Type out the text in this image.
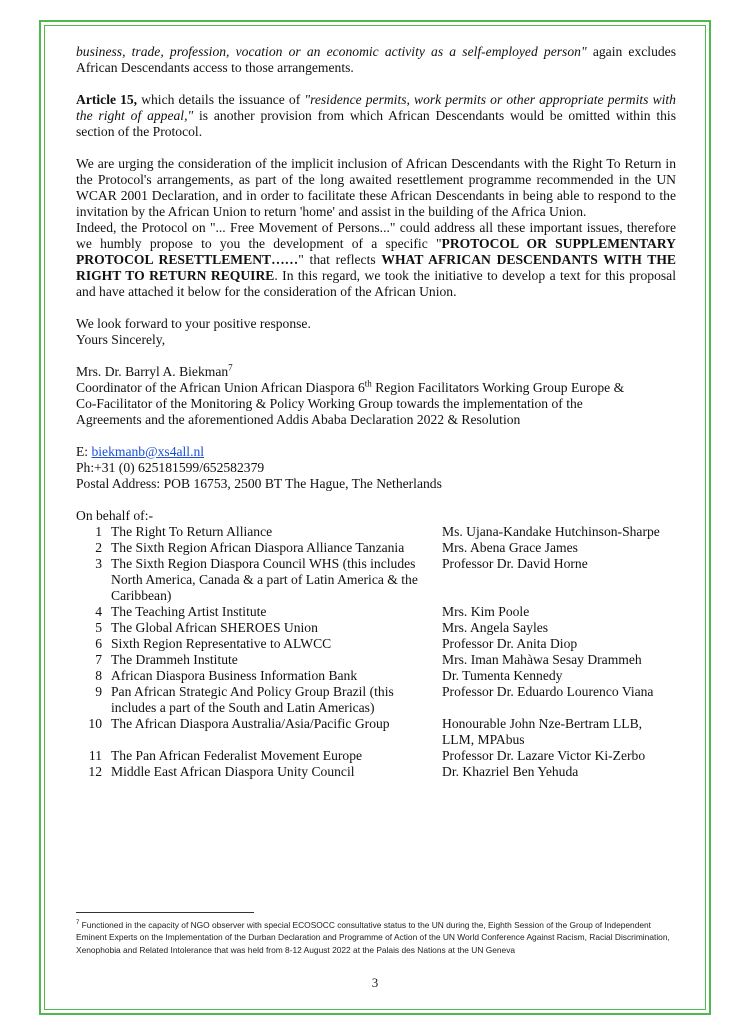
business, trade, profession, vocation or an economic activity as a self-employed person" again excludes African Descendants access to those arrangements.

Article 15, which details the issuance of "residence permits, work permits or other appropriate permits with the right of appeal," is another provision from which African Descendants would be omitted within this section of the Protocol.

We are urging the consideration of the implicit inclusion of African Descendants with the Right To Return in the Protocol's arrangements, as part of the long awaited resettlement programme recommended in the UN WCAR 2001 Declaration, and in order to facilitate these African Descendants in being able to respond to the invitation by the African Union to return 'home' and assist in the building of the Africa Union.

Indeed, the Protocol on "... Free Movement of Persons..." could address all these important issues, therefore we humbly propose to you the development of a specific "PROTOCOL OR SUPPLEMENTARY PROTOCOL RESETTLEMENT……" that reflects WHAT AFRICAN DESCENDANTS WITH THE RIGHT TO RETURN REQUIRE. In this regard, we took the initiative to develop a text for this proposal and have attached it below for the consideration of the African Union.

We look forward to your positive response.
Yours Sincerely,
Mrs. Dr. Barryl A. Biekman$^7$
Coordinator of the African Union African Diaspora 6th Region Facilitators Working Group Europe &
Co-Facilitator of the Monitoring & Policy Working Group towards the implementation of the
Agreements and the aforementioned Addis Ababa Declaration 2022 & Resolution
E: biekmanb@xs4all.nl
Ph:+31 (0) 625181599/652582379
Postal Address: POB 16753, 2500 BT The Hague, The Netherlands
On behalf of:-
1	The Right To Return Alliance	Ms. Ujana-Kandake Hutchinson-Sharpe
2	The Sixth Region African Diaspora Alliance Tanzania	Mrs. Abena Grace James
3	The Sixth Region Diaspora Council WHS (this includes North America, Canada & a part of Latin America & the Caribbean)	Professor Dr. David Horne
4	The Teaching Artist Institute	Mrs. Kim Poole
5	The Global African SHEROES Union	Mrs. Angela Sayles
6	Sixth Region Representative to ALWCC	Professor Dr. Anita Diop
7	The Drammeh Institute	Mrs. Iman Mahàwa Sesay Drammeh
8	African Diaspora Business Information Bank	Dr. Tumenta Kennedy
9	Pan African Strategic And Policy Group Brazil (this includes a part of the South and Latin Americas)	Professor Dr. Eduardo Lourenco Viana
10	The African Diaspora Australia/Asia/Pacific Group	Honourable John Nze-Bertram LLB, LLM, MPAbus
11	The Pan African Federalist Movement Europe	Professor Dr. Lazare Victor Ki-Zerbo
12	Middle East African Diaspora Unity Council	Dr. Khazriel Ben Yehuda
$^7$ Functioned in the capacity of NGO observer with special ECOSOCC consultative status to the UN during the, Eighth Session of the Group of Independent Eminent Experts on the Implementation of the Durban Declaration and Programme of Action of the UN World Conference Against Racism, Racial Discrimination, Xenophobia and Related Intolerance that was held from 8-12 August 2022 at the Palais des Nations at the UN Geneva
3
